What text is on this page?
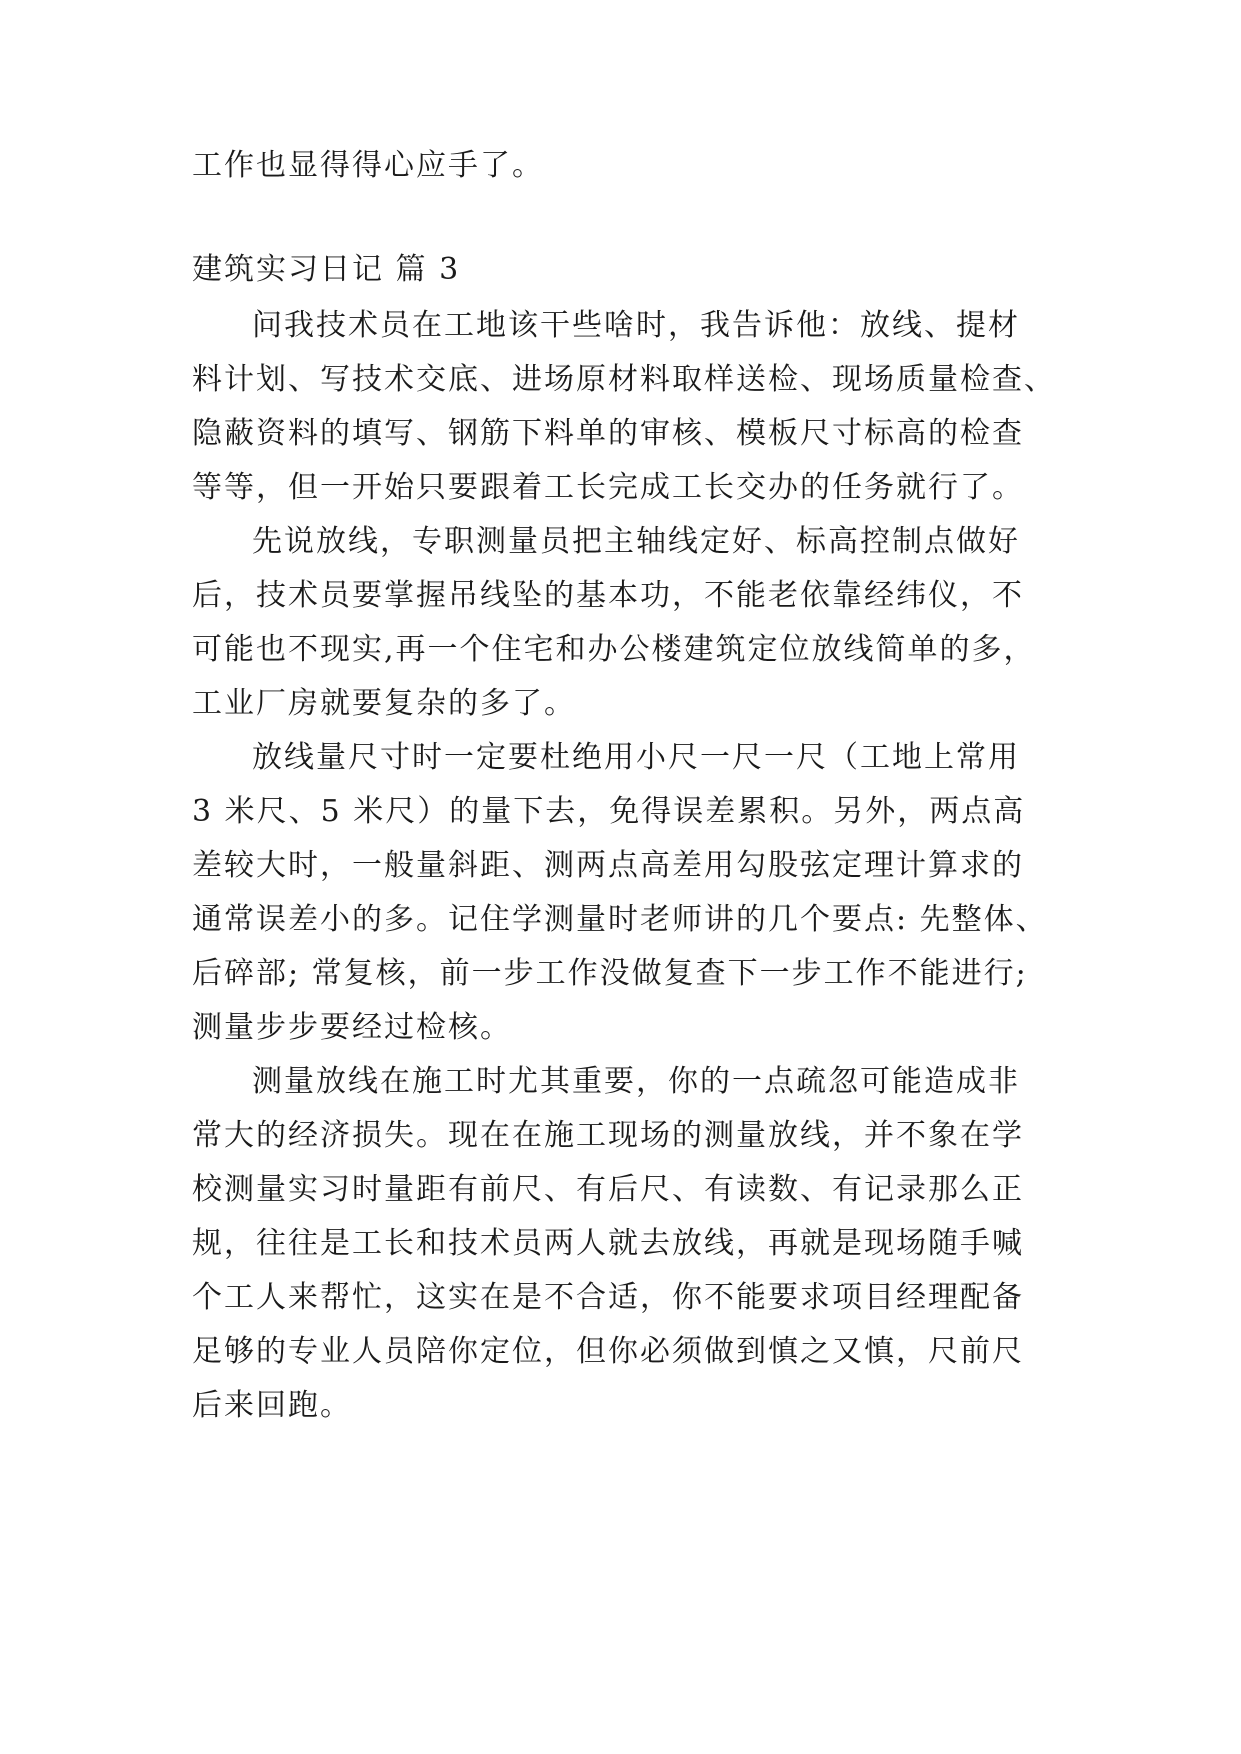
工作也显得得心应手了。
建筑实习日记 篇 3
问我技术员在工地该干些啥时，我告诉他：放线、提材
料计划、写技术交底、进场原材料取样送检、现场质量检查、
隐蔽资料的填写、钢筋下料单的审核、模板尺寸标高的检查
等等，但一开始只要跟着工长完成工长交办的任务就行了。
先说放线，专职测量员把主轴线定好、标高控制点做好
后，技术员要掌握吊线坠的基本功，不能老依靠经纬仪，不
可能也不现实,再一个住宅和办公楼建筑定位放线简单的多，
工业厂房就要复杂的多了。
放线量尺寸时一定要杜绝用小尺一尺一尺（工地上常用
3 米尺、5 米尺）的量下去，免得误差累积。另外，两点高
差较大时，一般量斜距、测两点高差用勾股弦定理计算求的
通常误差小的多。记住学测量时老师讲的几个要点: 先整体、
后碎部; 常复核，前一步工作没做复查下一步工作不能进行;
测量步步要经过检核。
测量放线在施工时尤其重要，你的一点疏忽可能造成非
常大的经济损失。现在在施工现场的测量放线，并不象在学
校测量实习时量距有前尺、有后尺、有读数、有记录那么正
规，往往是工长和技术员两人就去放线，再就是现场随手喊
个工人来帮忙，这实在是不合适，你不能要求项目经理配备
足够的专业人员陪你定位，但你必须做到慎之又慎，尺前尺
后来回跑。
